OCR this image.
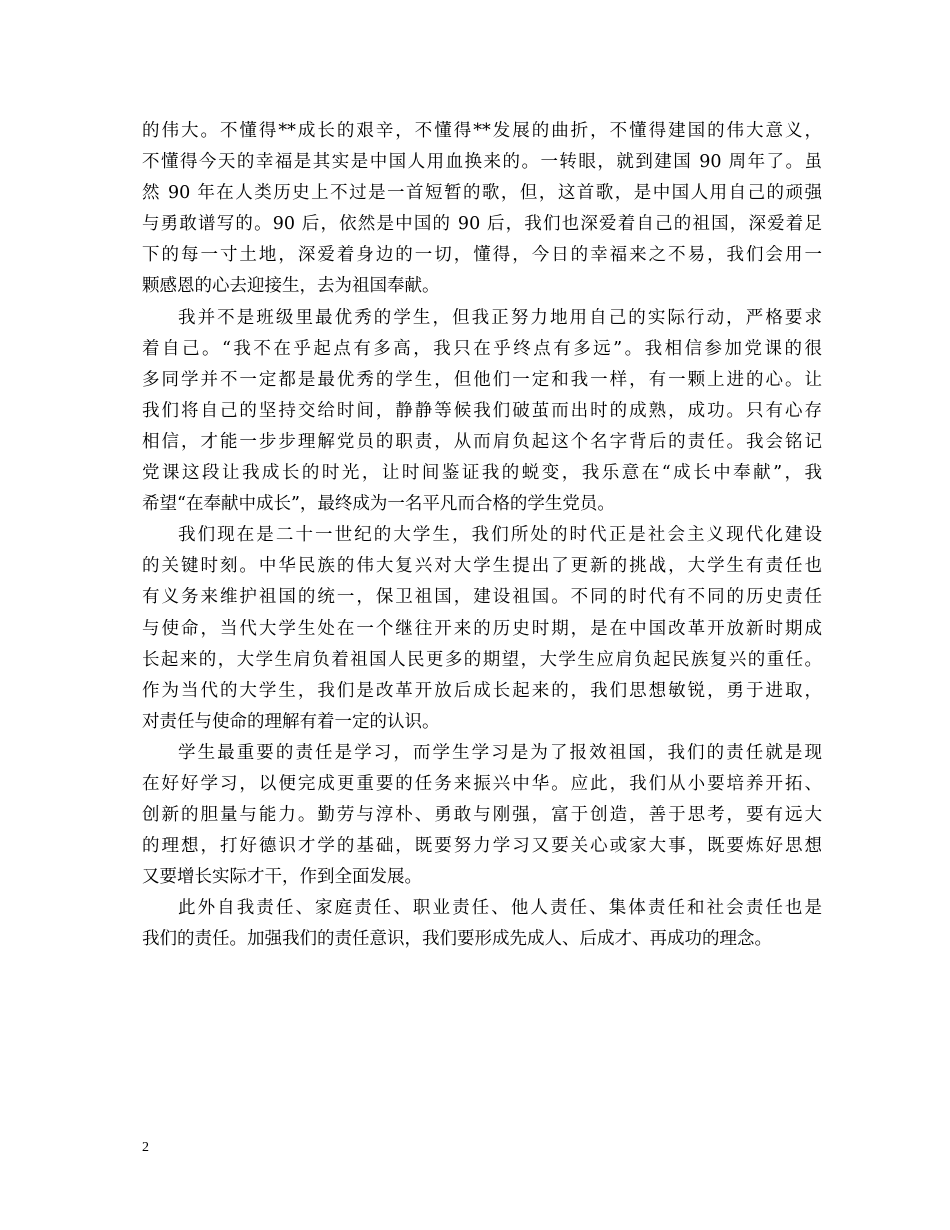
的伟大。不懂得**成长的艰辛，不懂得**发展的曲折，不懂得建国的伟大意义，
不懂得今天的幸福是其实是中国人用血换来的。一转眼，就到建国 90 周年了。虽
然 90 年在人类历史上不过是一首短暂的歌，但，这首歌，是中国人用自己的顽强
与勇敢谱写的。90 后，依然是中国的 90 后，我们也深爱着自己的祖国，深爱着足
下的每一寸土地，深爱着身边的一切，懂得，今日的幸福来之不易，我们会用一
颗感恩的心去迎接生，去为祖国奉献。
我并不是班级里最优秀的学生，但我正努力地用自己的实际行动，严格要求
着自己。“我不在乎起点有多高，我只在乎终点有多远”。我相信参加党课的很
多同学并不一定都是最优秀的学生，但他们一定和我一样，有一颗上进的心。让
我们将自己的坚持交给时间，静静等候我们破茧而出时的成熟，成功。只有心存
相信，才能一步步理解党员的职责，从而肩负起这个名字背后的责任。我会铭记
党课这段让我成长的时光，让时间鉴证我的蜕变，我乐意在“成长中奉献”，我
希望“在奉献中成长”，最终成为一名平凡而合格的学生党员。
我们现在是二十一世纪的大学生，我们所处的时代正是社会主义现代化建设
的关键时刻。中华民族的伟大复兴对大学生提出了更新的挑战，大学生有责任也
有义务来维护祖国的统一，保卫祖国，建设祖国。不同的时代有不同的历史责任
与使命，当代大学生处在一个继往开来的历史时期，是在中国改革开放新时期成
长起来的，大学生肩负着祖国人民更多的期望，大学生应肩负起民族复兴的重任。
作为当代的大学生，我们是改革开放后成长起来的，我们思想敏锐，勇于进取，
对责任与使命的理解有着一定的认识。
学生最重要的责任是学习，而学生学习是为了报效祖国，我们的责任就是现
在好好学习，以便完成更重要的任务来振兴中华。应此，我们从小要培养开拓、
创新的胆量与能力。勤劳与淳朴、勇敢与刚强，富于创造，善于思考，要有远大
的理想，打好德识才学的基础，既要努力学习又要关心或家大事，既要炼好思想
又要增长实际才干，作到全面发展。
此外自我责任、家庭责任、职业责任、他人责任、集体责任和社会责任也是
我们的责任。加强我们的责任意识，我们要形成先成人、后成才、再成功的理念。
2
